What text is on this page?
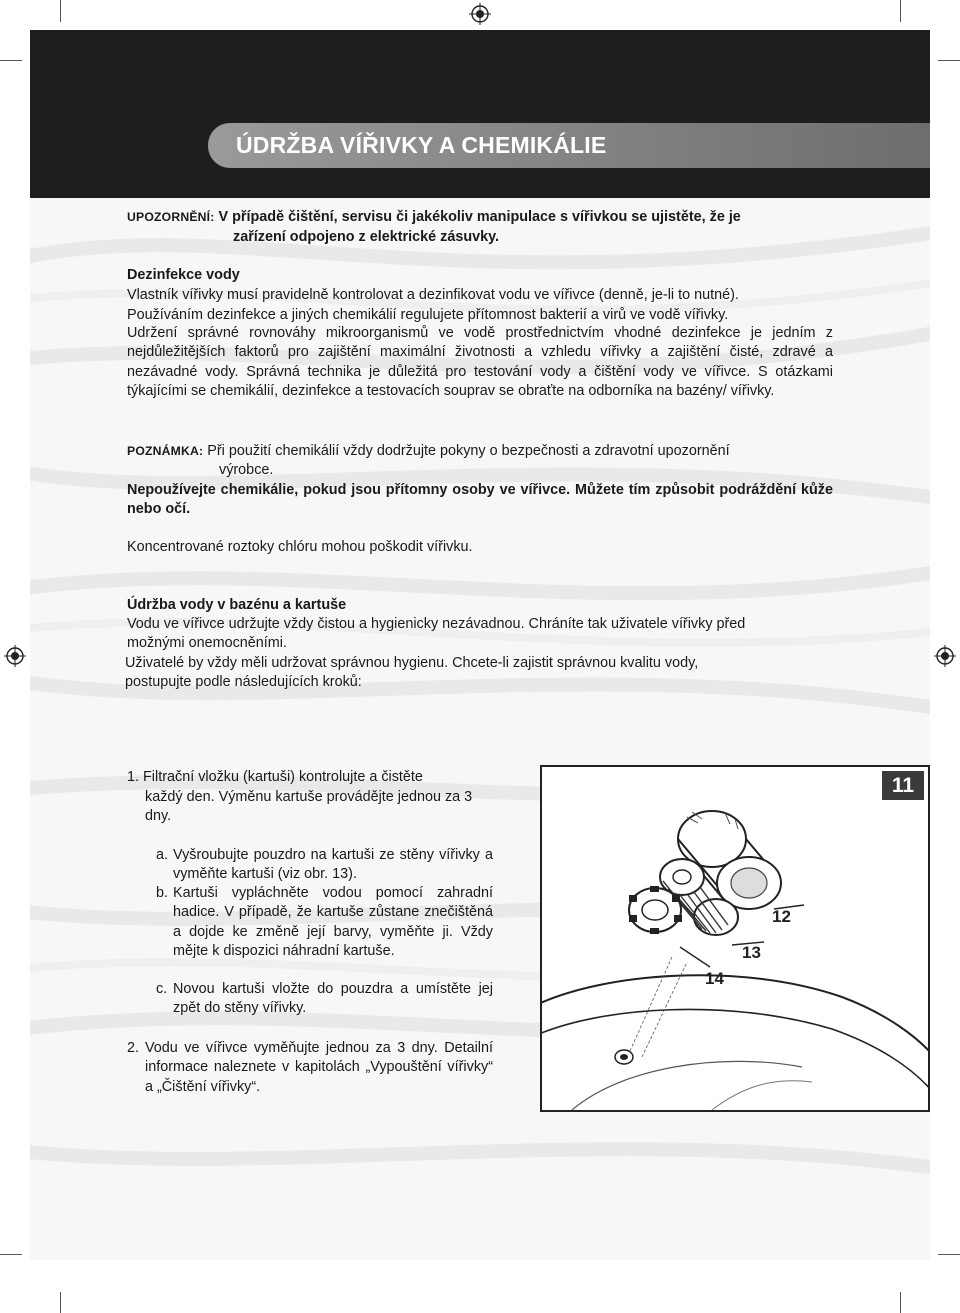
ÚDRŽBA VÍŘIVKY A CHEMIKÁLIE

UPOZORNĚNÍ: V případě čištění, servisu či jakékoliv manipulace s vířivkou se ujistěte, že je

zařízení odpojeno z elektrické zásuvky.

Dezinfekce vody

Vlastník vířivky musí pravidelně kontrolovat a dezinfikovat vodu ve vířivce (denně, je-li to nutné).

Používáním dezinfekce a jiných chemikálií regulujete přítomnost bakterií a virů ve vodě vířivky.

Udržení správné rovnováhy mikroorganismů ve vodě prostřednictvím vhodné dezinfekce je jedním z nejdůležitějších faktorů pro zajištění maximální životnosti a vzhledu vířivky a zajištění čisté, zdravé a nezávadné vody. Správná technika je důležitá pro testování vody a čištění vody ve vířivce. S otázkami týkajícími se chemikálií, dezinfekce a testovacích souprav se obraťte na odborníka na bazény/ vířivky.

POZNÁMKA: Při použití chemikálií vždy dodržujte pokyny o bezpečnosti a zdravotní upozornění

výrobce.

Nepoužívejte chemikálie, pokud jsou přítomny osoby ve vířivce. Můžete tím způsobit podráždění kůže nebo očí.

Koncentrované roztoky chlóru mohou poškodit vířivku.

Údržba vody v bazénu a kartuše

Vodu ve vířivce udržujte vždy čistou a hygienicky nezávadnou. Chráníte tak uživatele vířivky před

možnými onemocněními.

Uživatelé by vždy měli udržovat správnou hygienu. Chcete-li zajistit správnou kvalitu vody,

postupujte podle následujících kroků:

1. Filtrační vložku (kartuši) kontrolujte a čistěte

každý den. Výměnu kartuše provádějte jednou za 3 dny.

a. Vyšroubujte pouzdro na kartuši ze stěny vířivky a vyměňte kartuši (viz obr. 13).

b. Kartuši vypláchněte vodou pomocí zahradní hadice. V případě, že kartuše zůstane znečištěná a dojde ke změně její barvy, vyměňte ji. Vždy mějte k dispozici náhradní kartuše.

c. Novou kartuši vložte do pouzdra a umístěte jej zpět do stěny vířivky.

2. Vodu ve vířivce vyměňujte jednou za 3 dny. Detailní informace naleznete v kapitolách „Vypouštění vířivky“ a „Čištění vířivky“.

11
12
13
14
